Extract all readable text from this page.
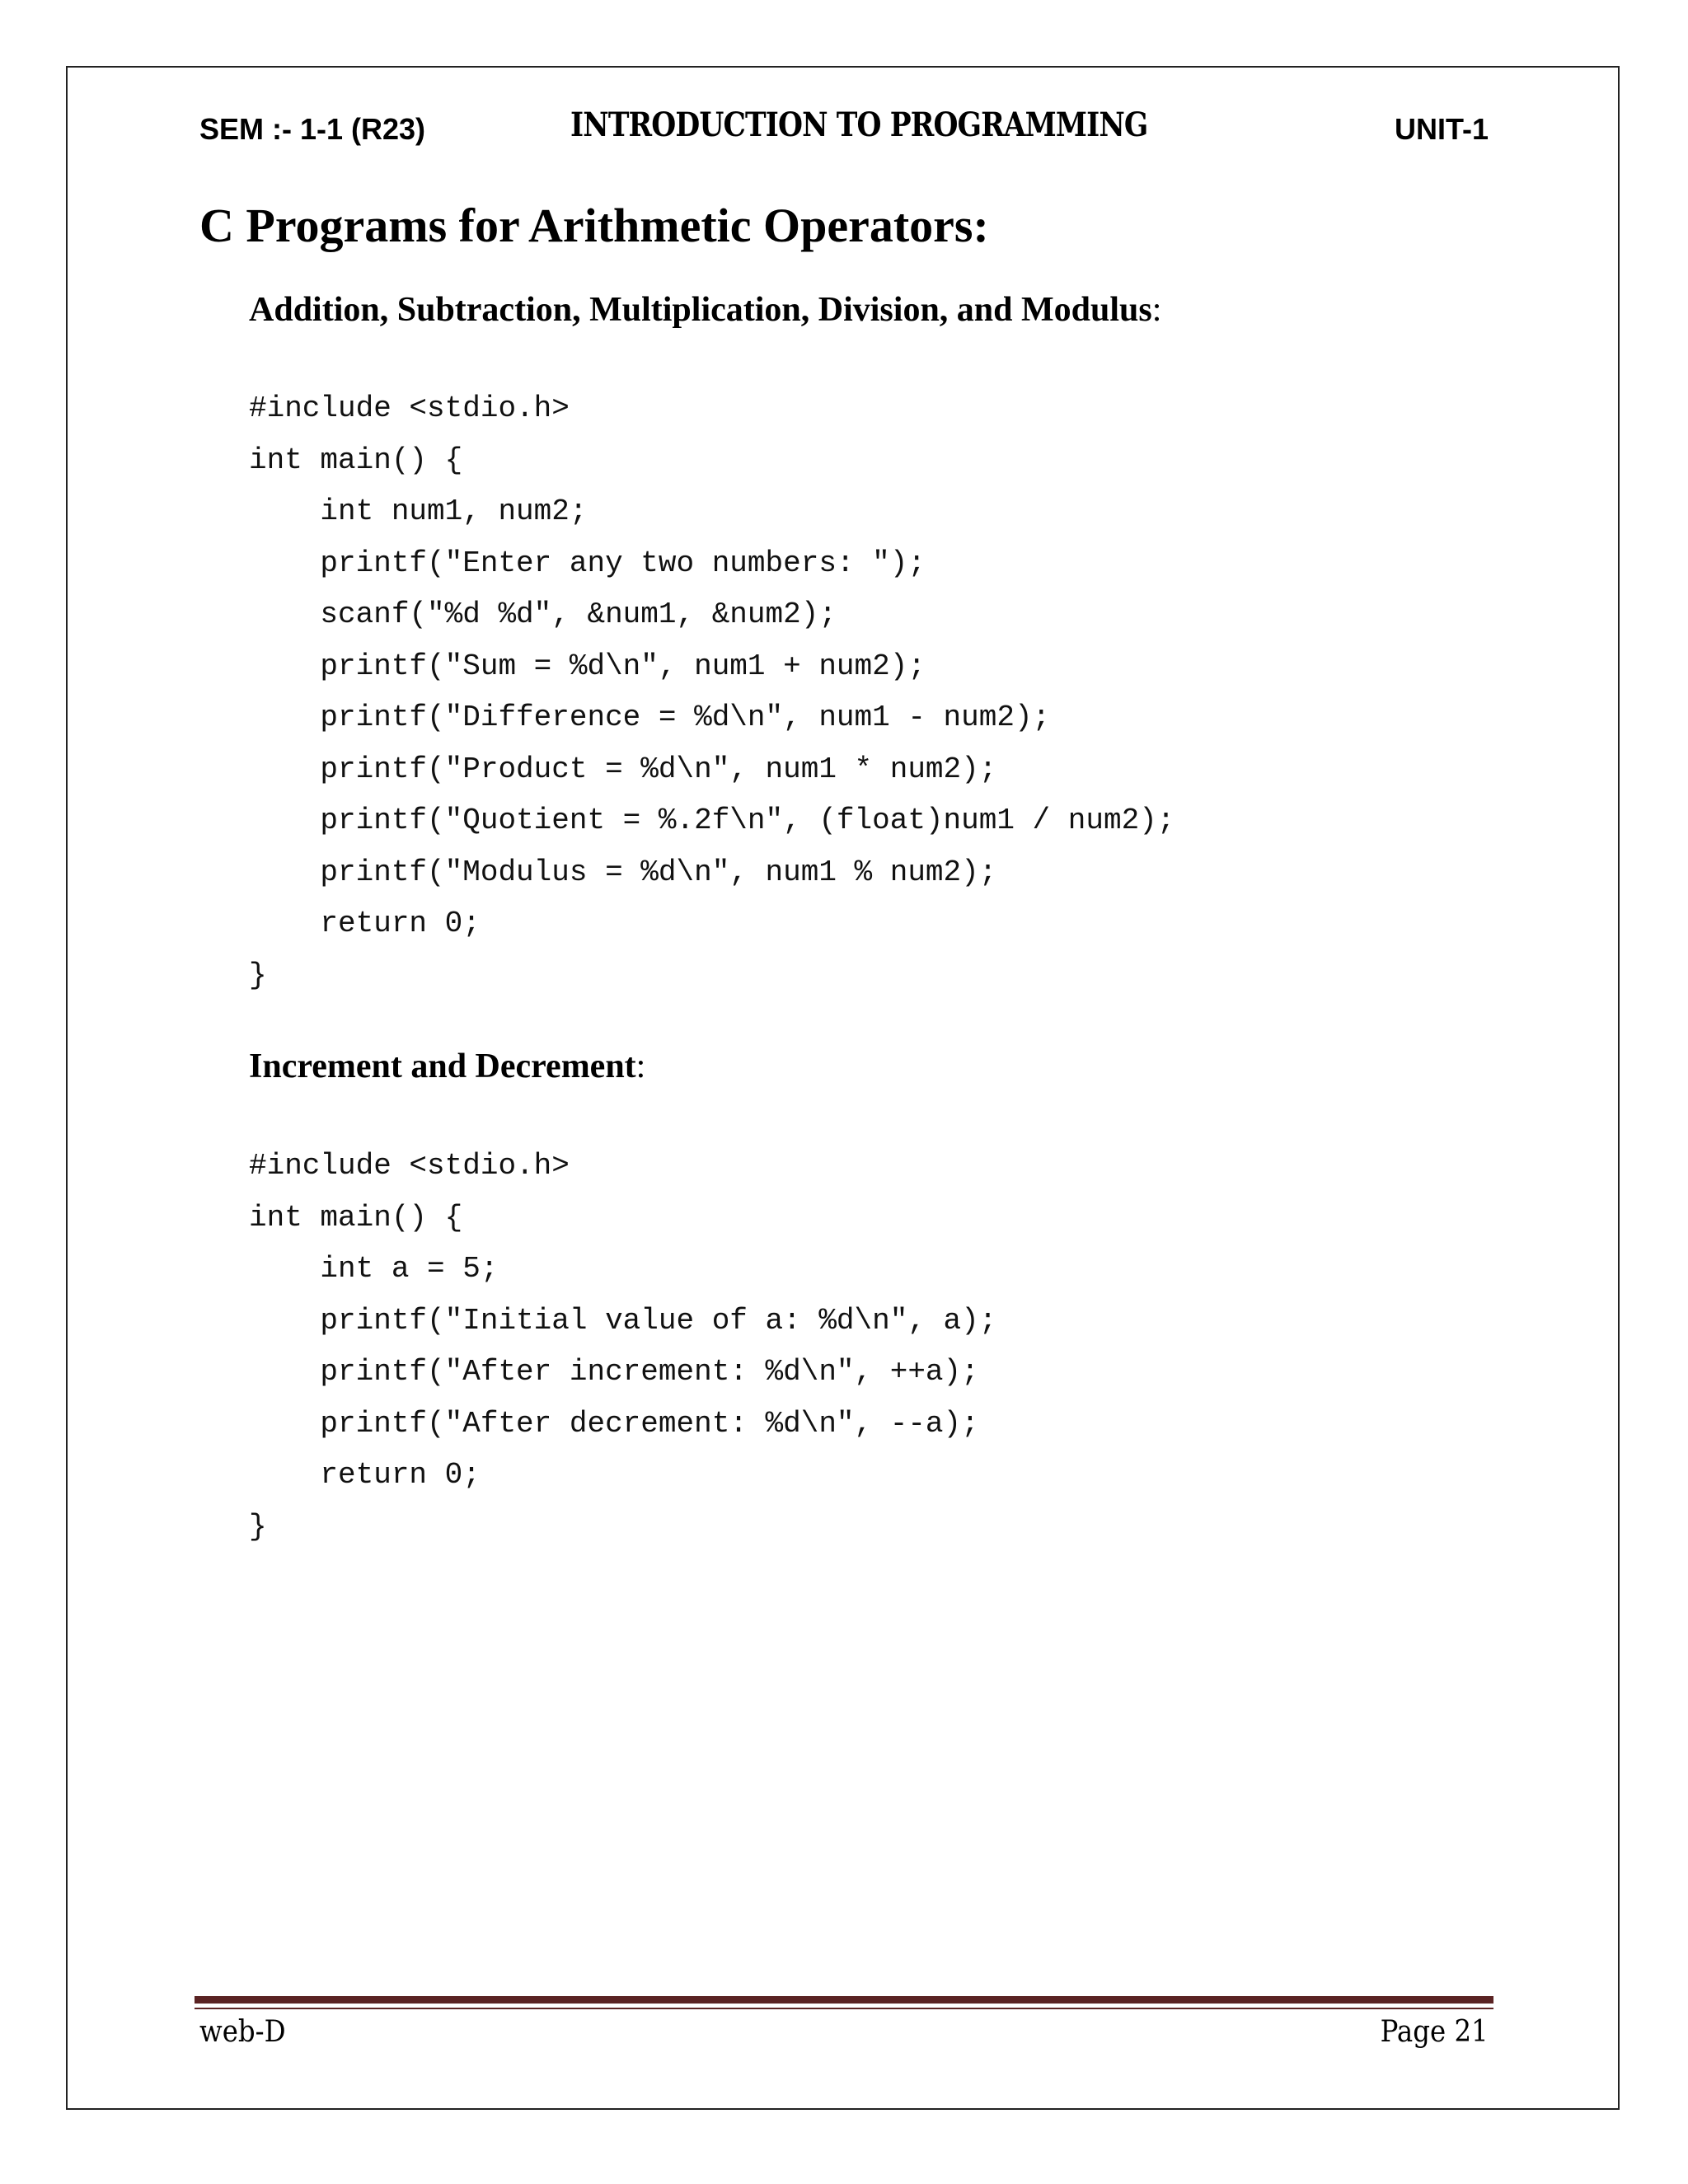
SEM :- 1-1 (R23)	INTRODUCTION TO PROGRAMMING	UNIT-1
C Programs for Arithmetic Operators:

Addition, Subtraction, Multiplication, Division, and Modulus:

#include <stdio.h>
int main() {
int num1, num2;
printf("Enter any two numbers: ");
scanf("%d %d", &num1, &num2);
printf("Sum = %d\n", num1 + num2);
printf("Difference = %d\n", num1 - num2);
printf("Product = %d\n", num1 * num2);
printf("Quotient = %.2f\n", (float)num1 / num2);
printf("Modulus = %d\n", num1 % num2);
return 0;
}

Increment and Decrement:

#include <stdio.h>
int main() {
int a = 5;
printf("Initial value of a: %d\n", a);
printf("After increment: %d\n", ++a);
printf("After decrement: %d\n", --a);
return 0;
}
web-D	Page 21
